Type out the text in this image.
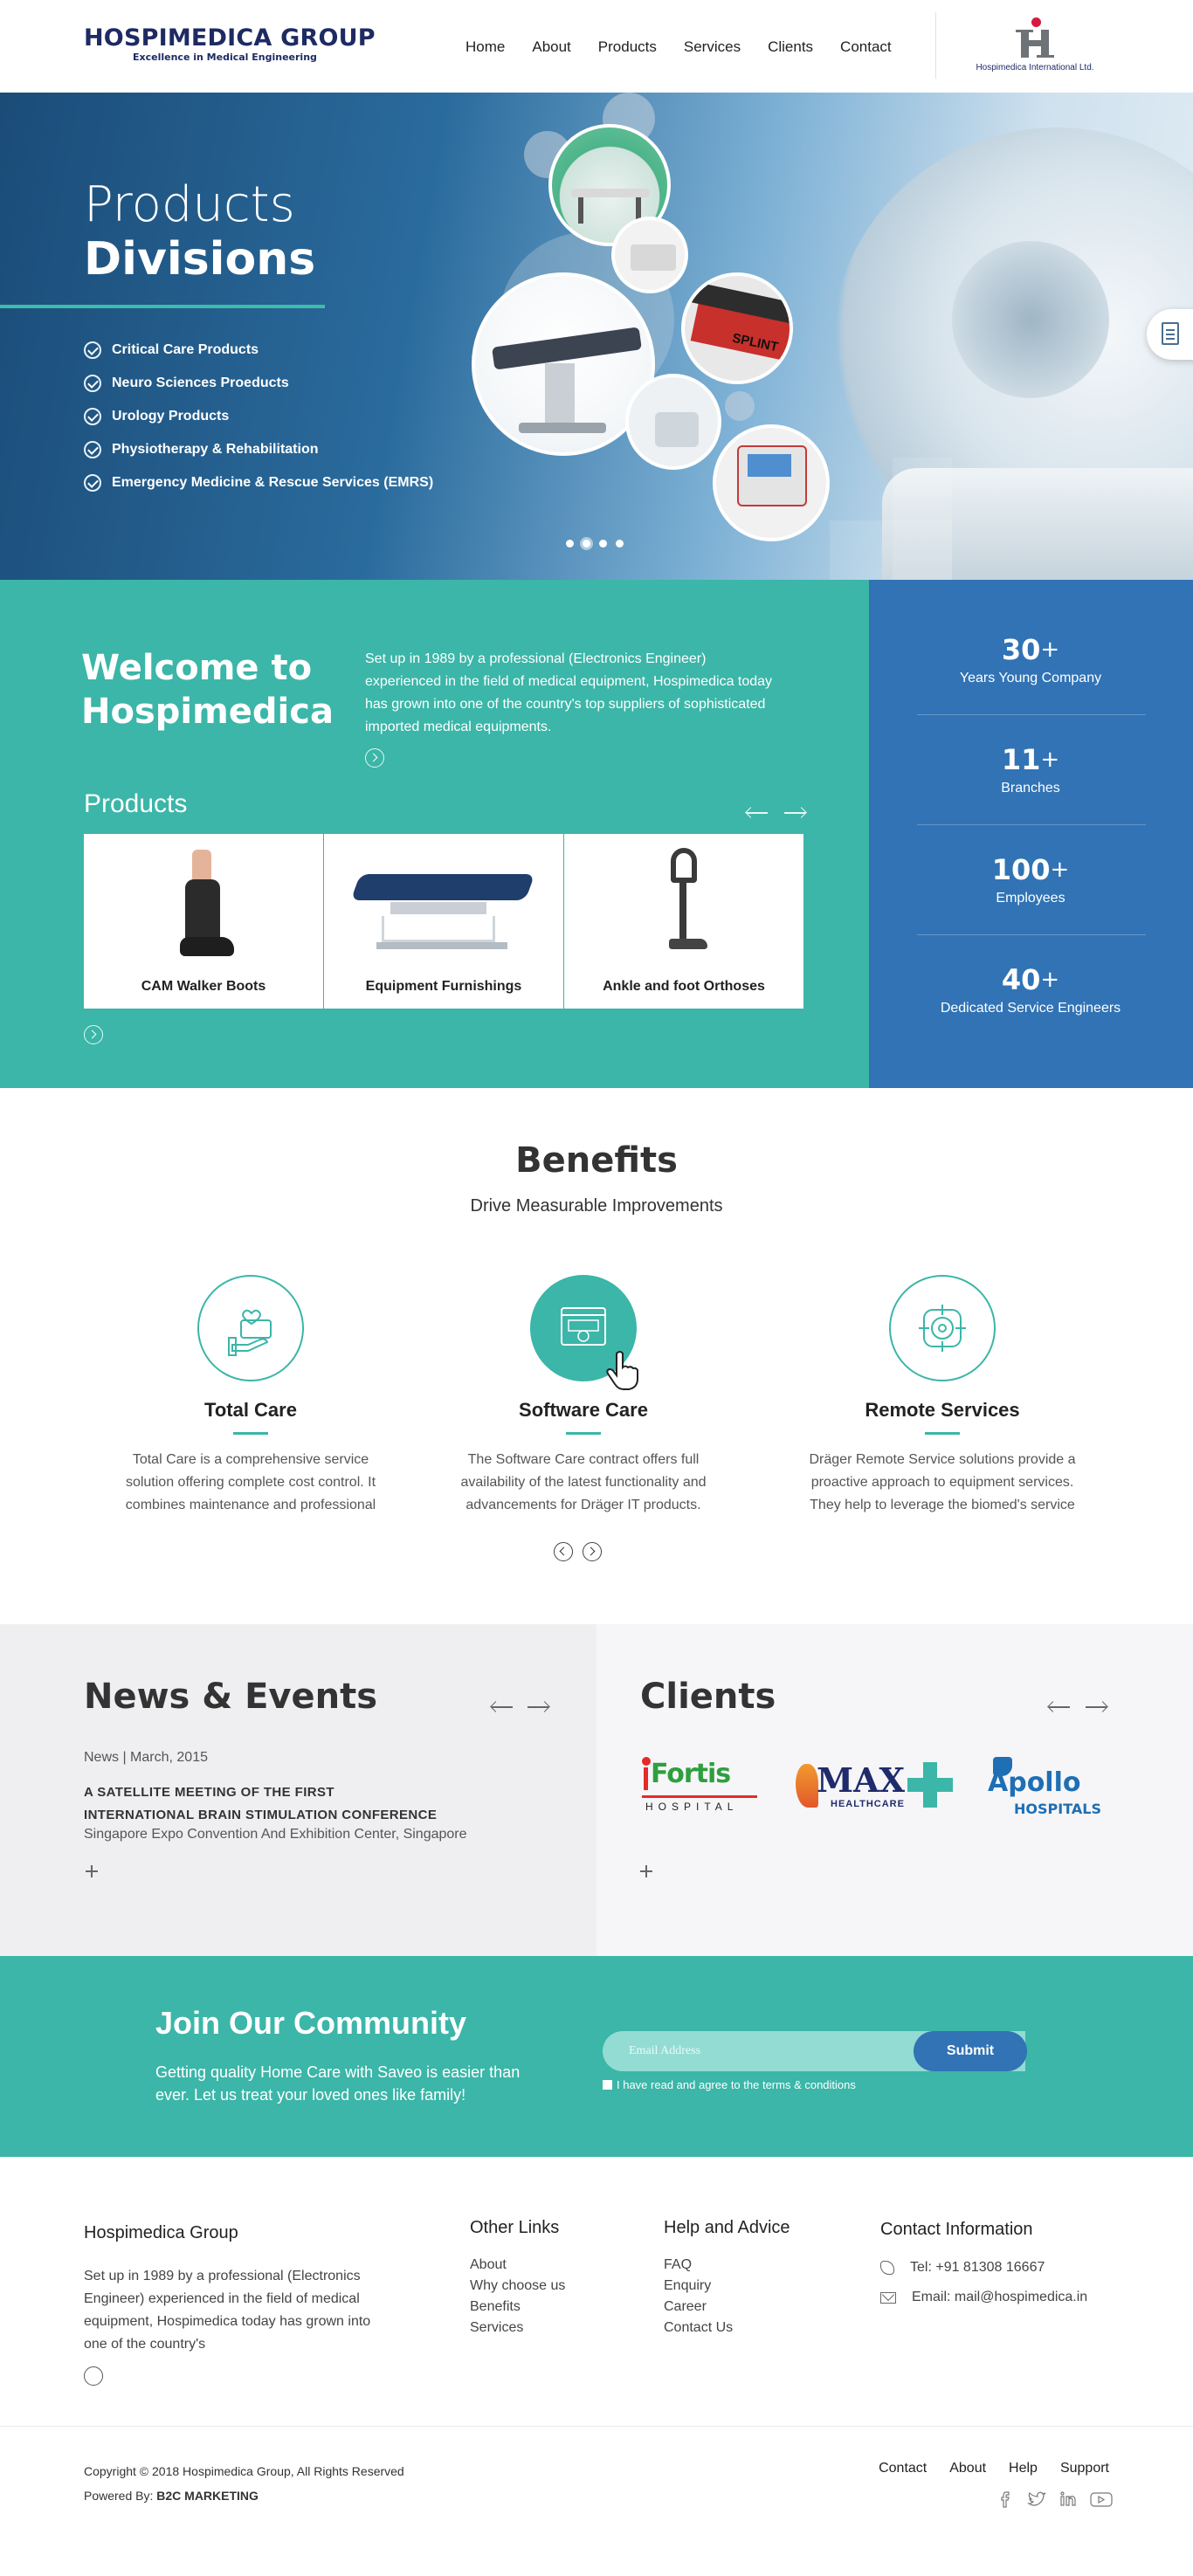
HOSPIMEDICA GROUP
Excellence in Medical Engineering
Home About Products Services Clients Contact
Hospimedica International Ltd.
Products
Divisions
Critical Care Products
Neuro Sciences Proeducts
Urology Products
Physiotherapy & Rehabilitation
Emergency Medicine & Rescue Services (EMRS)
SPLINT
Welcome to Hospimedica

Set up in 1989 by a professional (Electronics Engineer) experienced in the field of medical equipment, Hospimedica today has grown into one of the country's top suppliers of sophisticated imported medical equipments.

Products
CAM Walker Boots	Equipment Furnishings	Ankle and foot Orthoses
30+
Years Young Company
11+
Branches
100+
Employees
40+
Dedicated Service Engineers
Benefits
Drive Measurable Improvements
Total Care

Total Care is a comprehensive service solution offering complete cost control. It combines maintenance and professional

Software Care

The Software Care contract offers full availability of the latest functionality and advancements for Dräger IT products.

Remote Services

Dräger Remote Service solutions provide a proactive approach to equipment services. They help to leverage the biomed's service

News & Events
News | March, 2015
A SATELLITE MEETING OF THE FIRST
INTERNATIONAL BRAIN STIMULATION CONFERENCE
Singapore Expo Convention And Exhibition Center, Singapore
Clients
Fortis
HOSPITAL
MAX
HEALTHCARE
Apollo
HOSPITALS
Join Our Community

Getting quality Home Care with Saveo is easier than ever. Let us treat your loved ones like family!

Email Address
Submit
I have read and agree to the terms & conditions
Hospimedica Group

Set up in 1989 by a professional (Electronics Engineer) experienced in the field of medical equipment, Hospimedica today has grown into one of the country's

Other Links
About
Why choose us
Benefits
Services
Help and Advice
FAQ
Enquiry
Career
Contact Us
Contact Information
Tel: +91 81308 16667
Email: mail@hospimedica.in
Copyright © 2018 Hospimedica Group, All Rights Reserved
Powered By: B2C MARKETING
Contact About Help Support
